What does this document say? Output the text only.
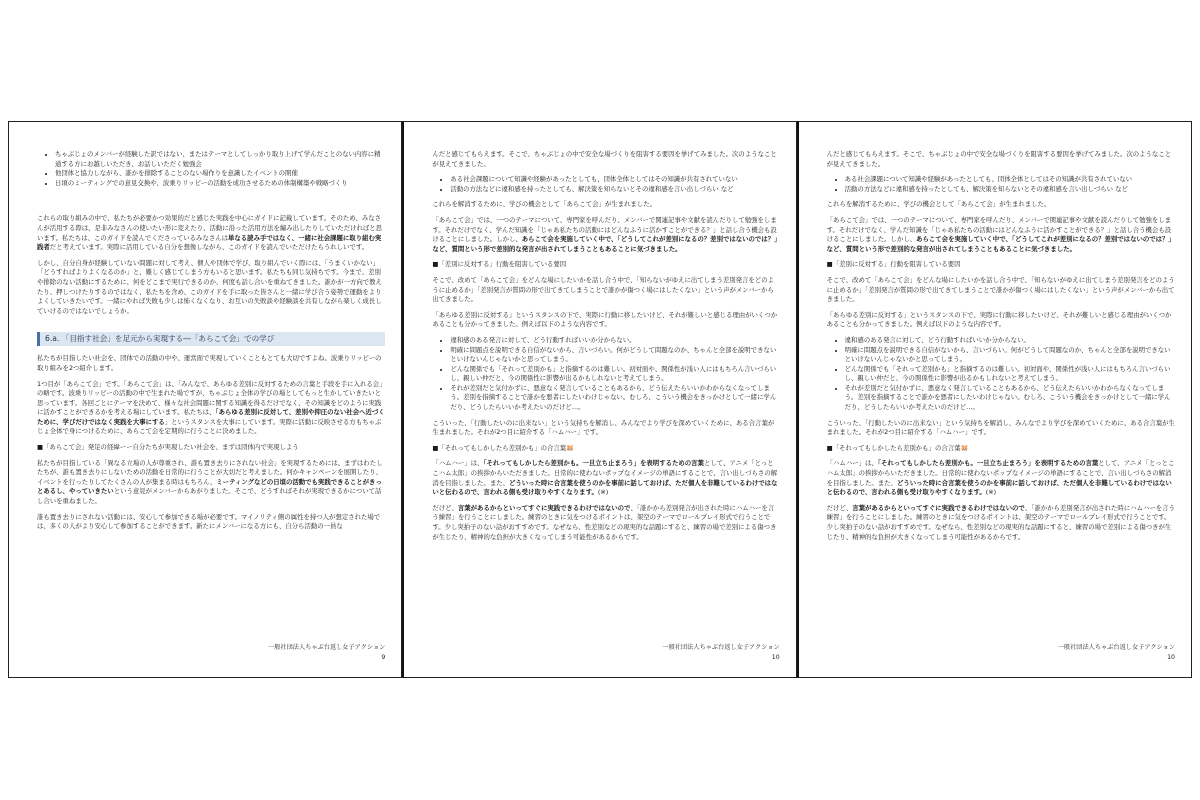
• ちゃぶじょのメンバーが経験した訳ではない、またはテーマとしてしっかり取り上げて学んだことのない内容に精通する方にお越しいただき、お話しいただく勉強会
• 他団体と協力しながら、誰かを排除することのない場作りを意識したイベントの開催
• 日頃のミーティングでの意見交換や、波乗りリッピーの活動を成功させるための体制構築や戦略づくり

これらの取り組みの中で、私たちが必要かつ効果的だと感じた実践を中心にガイドに記載しています。そのため、みなさんが活用する際は、是非みなさんの使いたい形に変えたり、活動に沿った活用方法を編み出したりしていただければと思います。私たちは、このガイドを読んでくださっているみなさんは単なる読み手ではなく、一緒に社会課題に取り組む実践者だと考えています。実際に活用している自分を想像しながら、このガイドを読んでいただけたらうれしいです。

しかし、自分自身が経験していない問題に対して考え、個人や団体で学び、取り組んでいく際には、「うまくいかない」「どうすればよりよくなるのか」と、難しく感じてしまう方もいると思います。私たちも同じ気持ちです。今まで、差別や排除のない活動にするために、何をどこまで実行できるのか、何度も話し合いを重ねてきました。誰かが一方向で教えたり、押しつけたりするのではなく、私たちを含め、このガイドを手に取った皆さんと一緒に学び合う姿勢で運動をよりよくしていきたいです。一緒にやれば失敗も少しは怖くなくなり、お互いの失敗談や経験談を共有しながら楽しく成長していけるのではないでしょうか。

6.a. 「目指す社会」を足元から実現する―「あらこて会」での学び

私たちが目指したい社会を、団体での活動の中や、運営面で実現していくこともとても大切ですよね。波乗りリッピーの取り組みを2つ紹介します。

1つ目が「あらこて会」です。「あらこて会」は、「みんなで、あらゆる差別に反対するための言葉と手段を手に入れる会」の略です。波乗りリッピーの活動の中で生まれた場ですが、ちゃぶじょ全体の学びの場としてもっと生かしていきたいと思っています。各回ごとにテーマを決めて、様々な社会問題に関する知識を得るだけでなく、その知識をどのように実践に活かすことができるかを考える場にしています。私たちは、「あらゆる差別に反対して、差別や抑圧のない社会へ近づくために、学びだけではなく実践を大事にする」というスタンスを大事にしています。実際に活動に反映させる方もちゃぶじょ全体で身につけるために、あらこて会を定期的に行うことに決めました。

■「あらこて会」発足の経緯ーー自分たちが実現したい社会を、まずは団体内で実現しよう

私たちが目指している「異なる立場の人が尊重され、誰も置き去りにされない社会」を実現するためには、まずはわたしたちが、誰も置き去りにしないための活動を日常的に行うことが大切だと考えました。何かキャンペーンを展開したり、イベントを行ったりしてたくさんの人が集まる時はもちろん、ミーティングなどの日頃の活動でも実践できることがきっとあるし、やっていきたいという意見がメンバーからあがりました。そこで、どうすればそれが実現できるかについて話し合いを重ねました。

誰も置き去りにされない活動には、安心して参加できる場が必要です。マイノリティ側の属性を持つ人が想定された場では、多くの人がより安心して参加することができます。新たにメンバーになる方にも、自分ら活動の一員な

一般社団法人ちゃぶ台返し女子アクション
9

んだと感じてもらえます。そこで、ちゃぶじょの中で安全な場づくりを阻害する要因を挙げてみました。次のようなことが見えてきました。

• ある社会課題について知識や経験があったとしても、団体全体としてはその知識が共有されていない
• 活動の方法などに違和感を持ったとしても、解決策を知らないとその違和感を言い出しづらい など

これらを解消するために、学びの機会として「あらこて会」が生まれました。

「あらこて会」では、一つのテーマについて、専門家を呼んだり、メンバーで関連記事や文献を読んだりして勉強をします。それだけでなく、学んだ知識を「じゃあ私たちの活動にはどんなふうに活かすことができる？」と話し合う機会も設けることにしました。しかし、あらこて会を実施していく中で、「どうしてこれが差別になるの？差別ではないのでは？」など、質問という形で差別的な発言が出されてしまうこともあることに気づきました。

■「差別に反対する」行動を阻害している要因

そこで、改めて「あらこて会」をどんな場にしたいかを話し合う中で、「知らないがゆえに出てしまう差別発言をどのように止めるか」「差別発言が質問の形で出てきてしまうことで誰かが傷つく場にはしたくない」という声がメンバーから出てきました。

「あらゆる差別に反対する」というスタンスの下で、実際に行動に移したいけど、それが難しいと感じる理由がいくつかあることも分かってきました。例えば以下のような内容です。

• 違和感のある発言に対して、どう行動すればいいか分からない。
• 明確に問題点を説明できる自信がないから、言いづらい。何がどうして問題なのか、ちゃんと全部を説明できないといけないんじゃないかと思ってしまう。
• どんな関係でも「それって差別かも」と指摘するのは難しい。初対面や、関係性が浅い人にはもちろん言いづらいし、親しい仲だと、今の関係性に影響が出るかもしれないと考えてしまう。
• それが差別だと気付かずに、悪意なく発言していることもあるから、どう伝えたらいいかわからなくなってしまう。差別を指摘することで誰かを悪者にしたいわけじゃない。むしろ、こういう機会をきっかけとして一緒に学んだり、どうしたらいいか考えたいのだけど…。

こういった、「行動したいのに出来ない」という気持ちを解消し、みんなでより学びを深めていくために、ある合言葉が生まれました。それが2つ目に紹介する「ハムハー」です。

■「それってもしかしたら差別かも」の合言葉🐹

「ハムハー」は、「それってもしかしたら差別かも。一旦立ち止まろう」を表明するための言葉として、アニメ「とっとこハム太郎」の挨拶からいただきました。日常的に使わないポップなイメージの単語にすることで、言い出しづらさの解消を目指しました。また、どういった時に合言葉を使うのかを事前に話しておけば、ただ個人を非難しているわけではないと伝わるので、言われる側も受け取りやすくなります。(※)

だけど、言葉があるからといってすぐに実践できるわけではないので、「誰かから差別発言が出された時にハムハーを言う練習」を行うことにしました。練習のときに気をつけるポイントは、架空のテーマでロールプレイ形式で行うことです。少し突拍子のない話がおすすめです。なぜなら、性差別などの現実的な話題にすると、練習の場で差別による傷つきが生じたり、精神的な負担が大きくなってしまう可能性があるからです。

一般社団法人ちゃぶ台返し女子アクション
10

んだと感じてもらえます。そこで、ちゃぶじょの中で安全な場づくりを阻害する要因を挙げてみました。次のようなことが見えてきました。

• ある社会課題について知識や経験があったとしても、団体全体としてはその知識が共有されていない
• 活動の方法などに違和感を持ったとしても、解決策を知らないとその違和感を言い出しづらい など

これらを解消するために、学びの機会として「あらこて会」が生まれました。

「あらこて会」では、一つのテーマについて、専門家を呼んだり、メンバーで関連記事や文献を読んだりして勉強をします。それだけでなく、学んだ知識を「じゃあ私たちの活動にはどんなふうに活かすことができる？」と話し合う機会も設けることにしました。しかし、あらこて会を実施していく中で、「どうしてこれが差別になるの？差別ではないのでは？」など、質問という形で差別的な発言が出されてしまうこともあることに気づきました。

■「差別に反対する」行動を阻害している要因

そこで、改めて「あらこて会」をどんな場にしたいかを話し合う中で、「知らないがゆえに出てしまう差別発言をどのように止めるか」「差別発言が質問の形で出てきてしまうことで誰かが傷つく場にはしたくない」という声がメンバーから出てきました。

「あらゆる差別に反対する」というスタンスの下で、実際に行動に移したいけど、それが難しいと感じる理由がいくつかあることも分かってきました。例えば以下のような内容です。

• 違和感のある発言に対して、どう行動すればいいか分からない。
• 明確に問題点を説明できる自信がないから、言いづらい。何がどうして問題なのか、ちゃんと全部を説明できないといけないんじゃないかと思ってしまう。
• どんな関係でも「それって差別かも」と指摘するのは難しい。初対面や、関係性が浅い人にはもちろん言いづらいし、親しい仲だと、今の関係性に影響が出るかもしれないと考えてしまう。
• それが差別だと気付かずに、悪意なく発言していることもあるから、どう伝えたらいいかわからなくなってしまう。差別を指摘することで誰かを悪者にしたいわけじゃない。むしろ、こういう機会をきっかけとして一緒に学んだり、どうしたらいいか考えたいのだけど…。

こういった、「行動したいのに出来ない」という気持ちを解消し、みんなでより学びを深めていくために、ある合言葉が生まれました。それが2つ目に紹介する「ハムハー」です。

■「それってもしかしたら差別かも」の合言葉🐹

「ハムハー」は、「それってもしかしたら差別かも。一旦立ち止まろう」を表明するための言葉として、アニメ「とっとこハム太郎」の挨拶からいただきました。日常的に使わないポップなイメージの単語にすることで、言い出しづらさの解消を目指しました。また、どういった時に合言葉を使うのかを事前に話しておけば、ただ個人を非難しているわけではないと伝わるので、言われる側も受け取りやすくなります。(※)

だけど、言葉があるからといってすぐに実践できるわけではないので、「誰かから差別発言が出された時にハムハーを言う練習」を行うことにしました。練習のときに気をつけるポイントは、架空のテーマでロールプレイ形式で行うことです。少し突拍子のない話がおすすめです。なぜなら、性差別などの現実的な話題にすると、練習の場で差別による傷つきが生じたり、精神的な負担が大きくなってしまう可能性があるからです。

一般社団法人ちゃぶ台返し女子アクション
10
